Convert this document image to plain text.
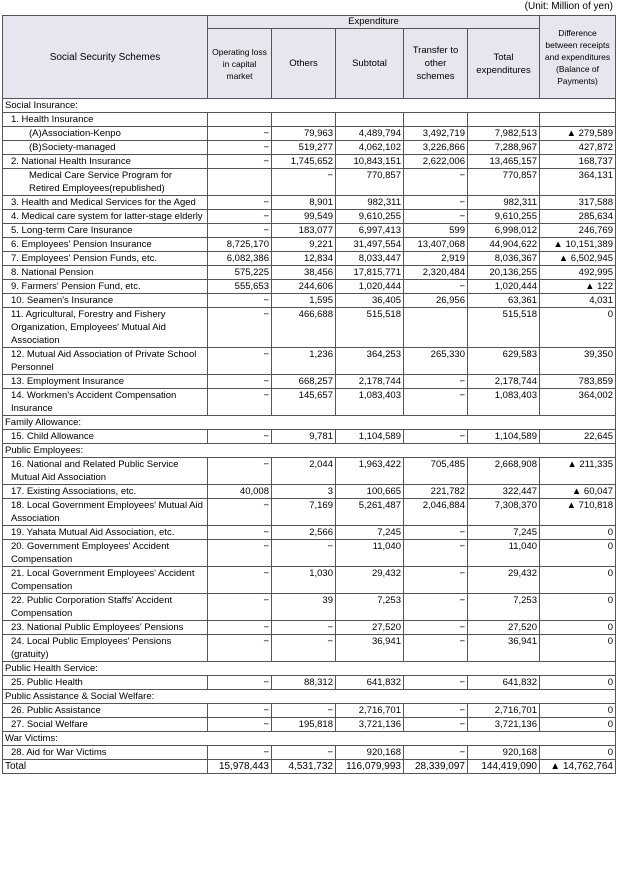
(Unit: Million of yen)
Social Security Schemes	Expenditure					Difference between receipts and expenditures (Balance of Payments)
	Operating loss in capital market	Others	Subtotal	Transfer to other schemes	Total expenditures	
Social Insurance:						
1. Health Insurance						
(A)Association-Kenpo	−	79,963	4,489,794	3,492,719	7,982,513	▲ 279,589
(B)Society-managed	−	519,277	4,062,102	3,226,866	7,288,967	427,872
2. National Health Insurance	−	1,745,652	10,843,151	2,622,006	13,465,157	168,737
Medical Care Service Program for Retired Employees(republished)		−	770,857	−	770,857	364,131
3. Health and Medical Services for the Aged	−	8,901	982,311	−	982,311	317,588
4. Medical care system for latter-stage elderly	−	99,549	9,610,255	−	9,610,255	285,634
5. Long-term Care Insurance	−	183,077	6,997,413	599	6,998,012	246,769
6. Employees' Pension Insurance	8,725,170	9,221	31,497,554	13,407,068	44,904,622	▲ 10,151,389
7. Employees' Pension Funds, etc.	6,082,386	12,834	8,033,447	2,919	8,036,367	▲ 6,502,945
8. National Pension	575,225	38,456	17,815,771	2,320,484	20,136,255	492,995
9. Farmers' Pension Fund, etc.	555,653	244,606	1,020,444	−	1,020,444	▲ 122
10. Seamen's Insurance	−	1,595	36,405	26,956	63,361	4,031
11. Agricultural, Forestry and Fishery Organization, Employees' Mutual Aid Association	−	466,688	515,518		515,518	0
12. Mutual Aid Association of Private School Personnel	−	1,236	364,253	265,330	629,583	39,350
13. Employment Insurance	−	668,257	2,178,744	−	2,178,744	783,859
14. Workmen's Accident Compensation Insurance	−	145,657	1,083,403	−	1,083,403	364,002
Family Allowance:						
15. Child Allowance	−	9,781	1,104,589	−	1,104,589	22,645
Public Employees:						
16. National and Related Public Service Mutual Aid Association	−	2,044	1,963,422	705,485	2,668,908	▲ 211,335
17. Existing Associations, etc.	40,008	3	100,665	221,782	322,447	▲ 60,047
18. Local Government Employees' Mutual Aid Association	−	7,169	5,261,487	2,046,884	7,308,370	▲ 710,818
19. Yahata Mutual Aid Association, etc.	−	2,566	7,245	−	7,245	0
20. Government Employees' Accident Compensation	−	−	11,040	−	11,040	0
21. Local Government Employees' Accident Compensation	−	1,030	29,432	−	29,432	0
22. Public Corporation Staffs' Accident Compensation	−	39	7,253	−	7,253	0
23. National Public Employees' Pensions	−	−	27,520	−	27,520	0
24. Local Public Employees' Pensions (gratuity)	−	−	36,941	−	36,941	0
Public Health Service:						
25. Public Health	−	88,312	641,832	−	641,832	0
Public Assistance & Social Welfare:						
26. Public Assistance	−	−	2,716,701	−	2,716,701	0
27. Social Welfare	−	195,818	3,721,136	−	3,721,136	0
War Victims:						
28. Aid for War Victims	−	−	920,168	−	920,168	0
Total	15,978,443	4,531,732	116,079,993	28,339,097	144,419,090	▲ 14,762,764
